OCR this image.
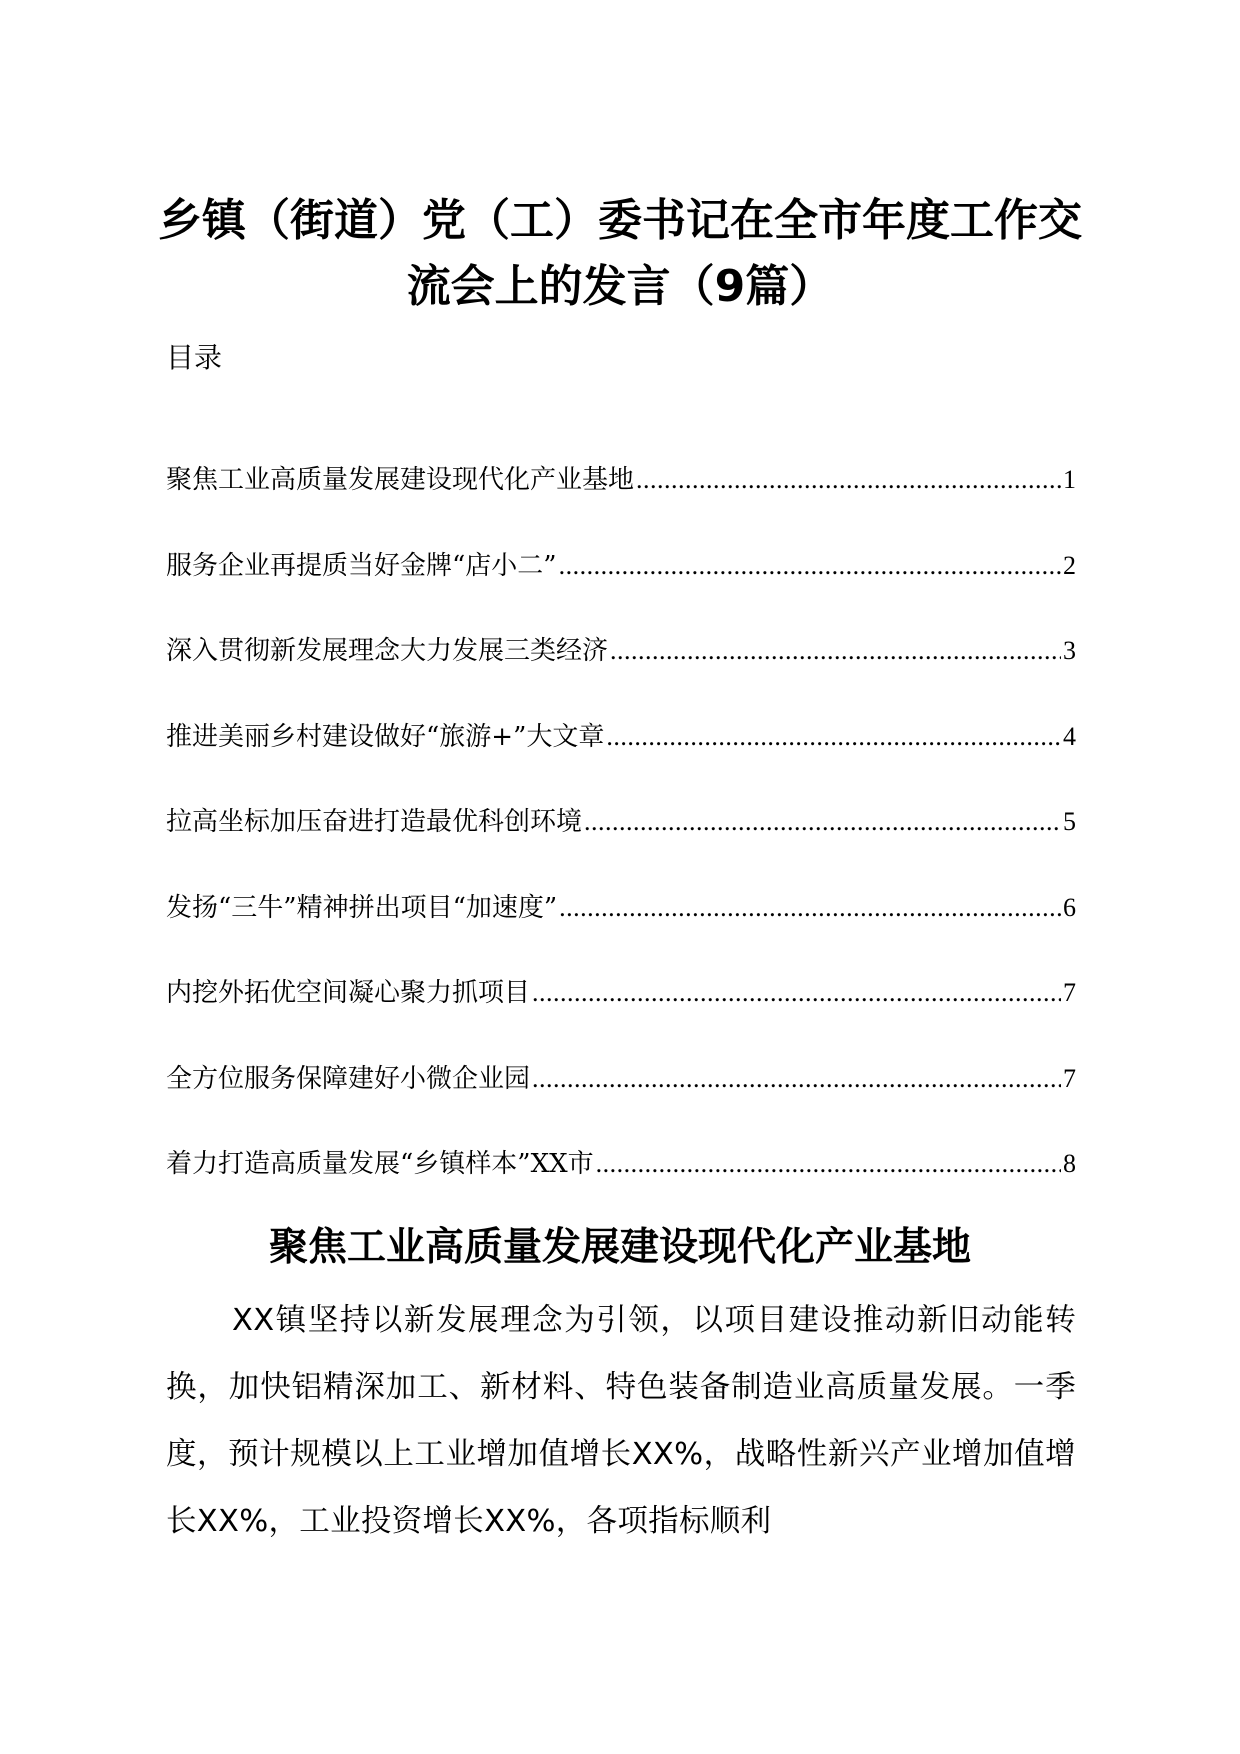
乡镇（街道）党（工）委书记在全市年度工作交流会上的发言（9篇）
目录
聚焦工业高质量发展建设现代化产业基地 .....	1
服务企业再提质当好金牌“店小二” .....	2
深入贯彻新发展理念大力发展三类经济 .....	3
推进美丽乡村建设做好“旅游+”大文章 .....	4
拉高坐标加压奋进打造最优科创环境 .....	5
发扬“三牛”精神拼出项目“加速度” .....	6
内挖外拓优空间凝心聚力抓项目 .....	7
全方位服务保障建好小微企业园 .....	7
着力打造高质量发展“乡镇样本”XX市 .....	8
聚焦工业高质量发展建设现代化产业基地

XX镇坚持以新发展理念为引领，以项目建设推动新旧动能转换，加快铝精深加工、新材料、特色装备制造业高质量发展。一季度，预计规模以上工业增加值增长XX%，战略性新兴产业增加值增长XX%，工业投资增长XX%，各项指标顺利
